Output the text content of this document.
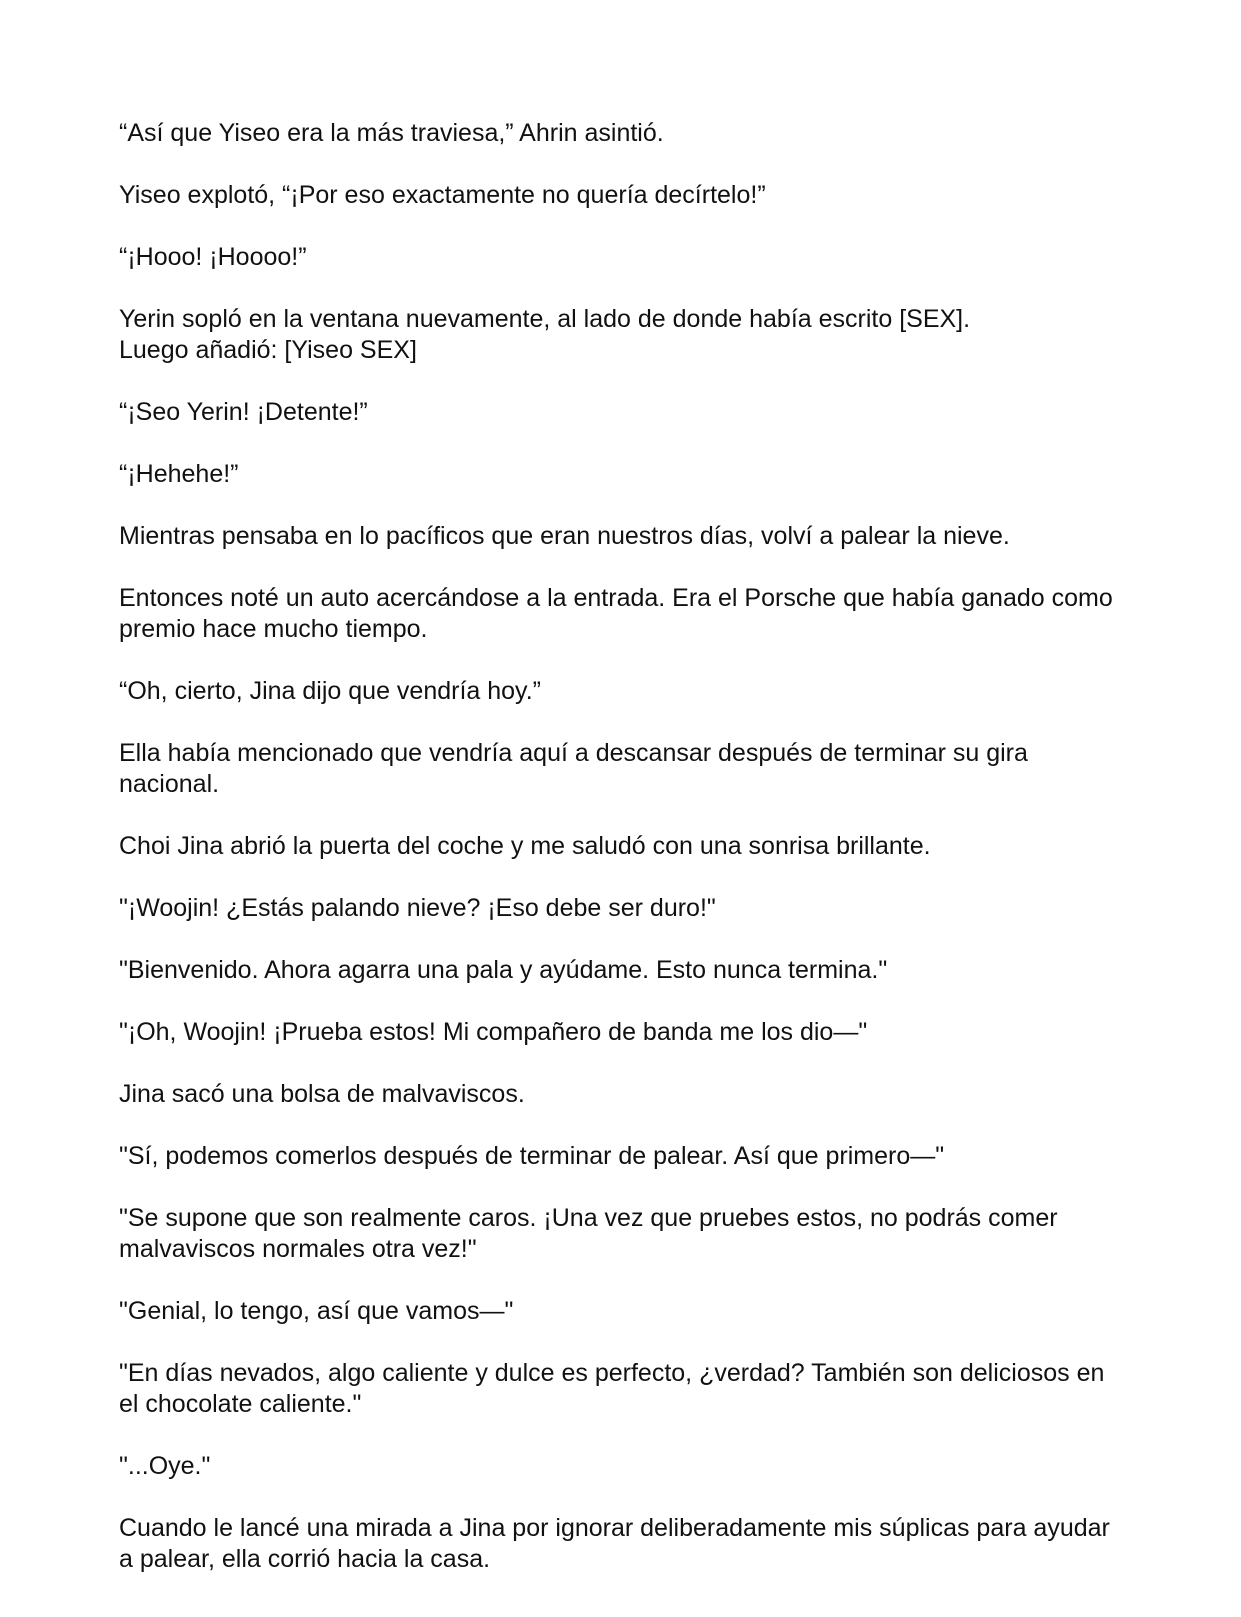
“Así que Yiseo era la más traviesa,” Ahrin asintió.

Yiseo explotó, “¡Por eso exactamente no quería decírtelo!”

“¡Hooo! ¡Hoooo!”

Yerin sopló en la ventana nuevamente, al lado de donde había escrito [SEX].
Luego añadió: [Yiseo SEX]

“¡Seo Yerin! ¡Detente!”

“¡Hehehe!”

Mientras pensaba en lo pacíficos que eran nuestros días, volví a palear la nieve.

Entonces noté un auto acercándose a la entrada. Era el Porsche que había ganado como premio hace mucho tiempo.

“Oh, cierto, Jina dijo que vendría hoy.”

Ella había mencionado que vendría aquí a descansar después de terminar su gira nacional.

Choi Jina abrió la puerta del coche y me saludó con una sonrisa brillante.

"¡Woojin! ¿Estás palando nieve? ¡Eso debe ser duro!"

"Bienvenido. Ahora agarra una pala y ayúdame. Esto nunca termina."

"¡Oh, Woojin! ¡Prueba estos! Mi compañero de banda me los dio—"

Jina sacó una bolsa de malvaviscos.

"Sí, podemos comerlos después de terminar de palear. Así que primero—"

"Se supone que son realmente caros. ¡Una vez que pruebes estos, no podrás comer malvaviscos normales otra vez!"

"Genial, lo tengo, así que vamos—"

"En días nevados, algo caliente y dulce es perfecto, ¿verdad? También son deliciosos en el chocolate caliente."

"...Oye."

Cuando le lancé una mirada a Jina por ignorar deliberadamente mis súplicas para ayudar a palear, ella corrió hacia la casa.
